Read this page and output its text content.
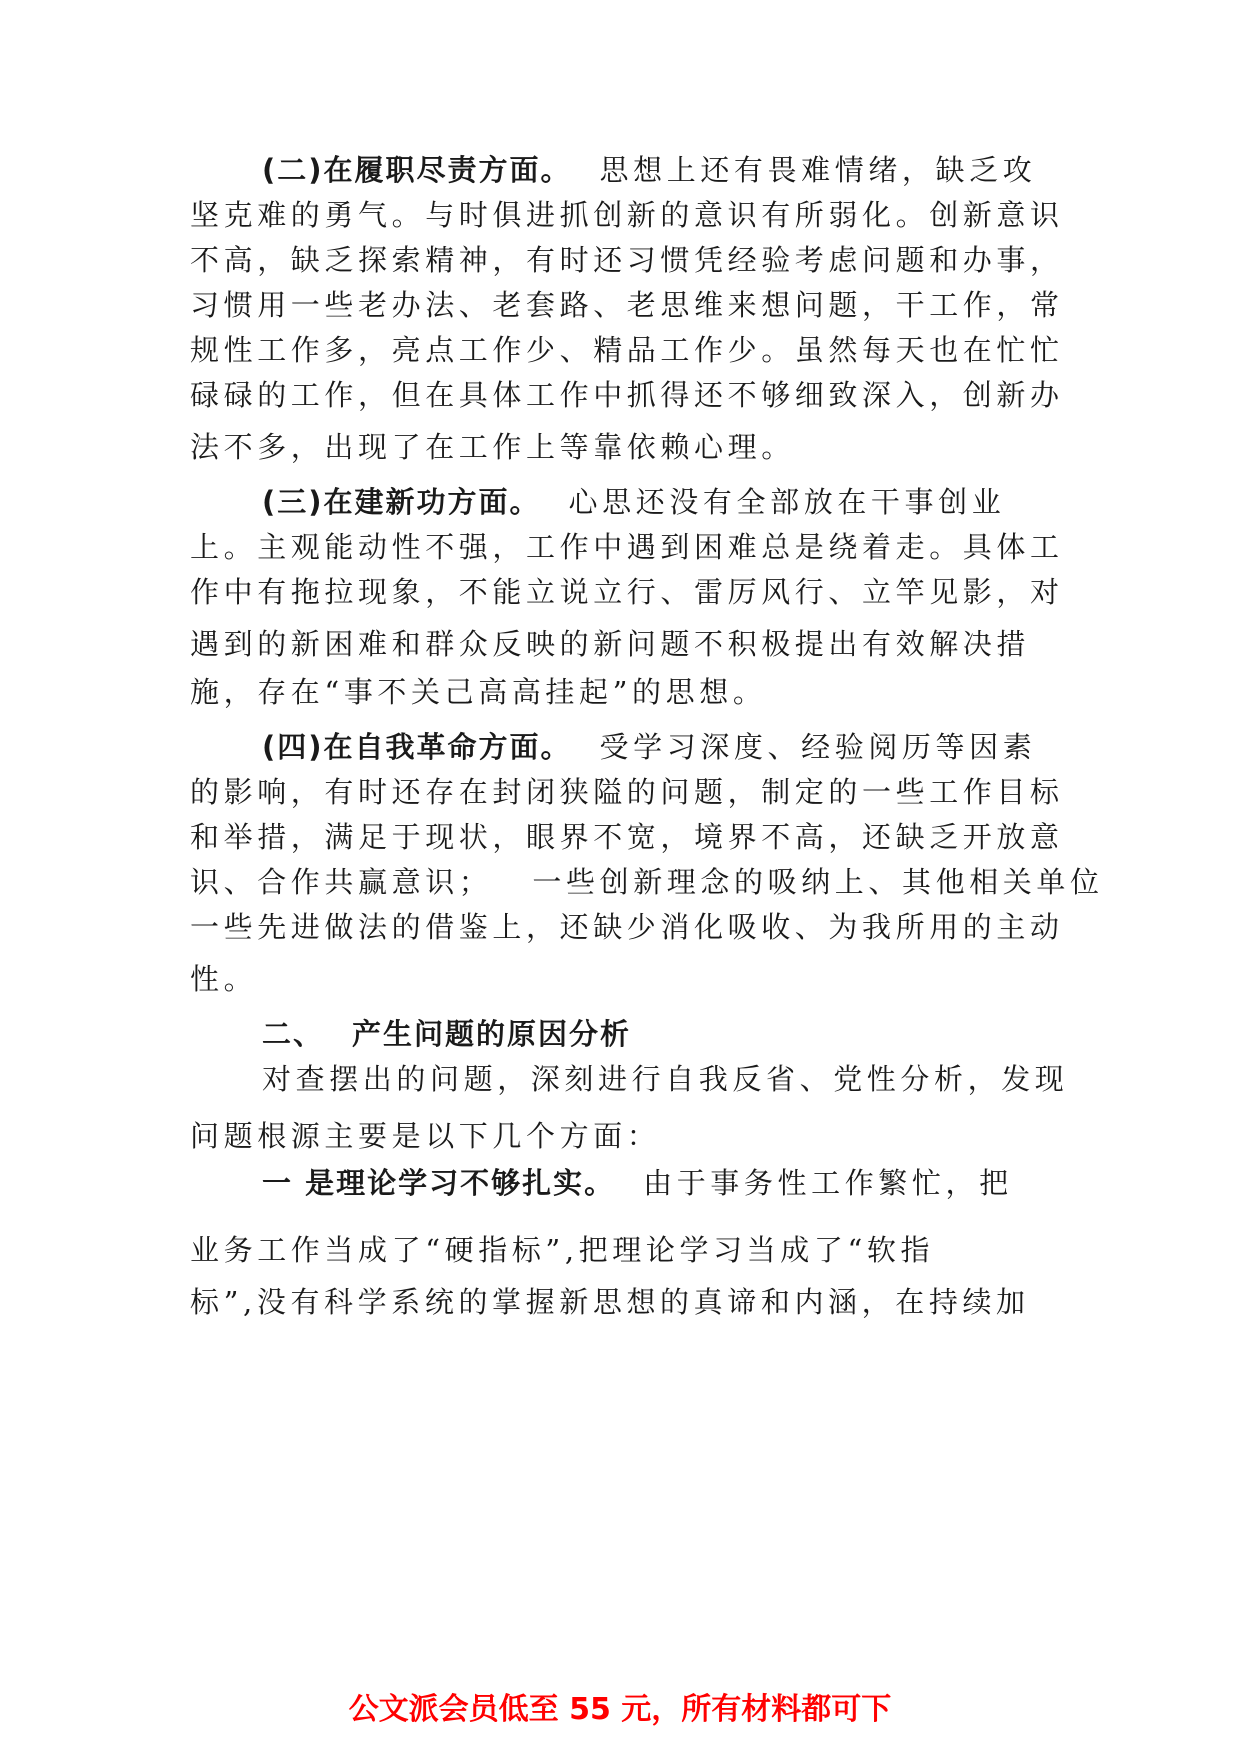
(二)在履职尽责方面。 思想上还有畏难情绪，缺乏攻
坚克难的勇气。与时俱进抓创新的意识有所弱化。创新意识
不高，缺乏探索精神，有时还习惯凭经验考虑问题和办事，
习惯用一些老办法、老套路、老思维来想问题，干工作，常
规性工作多，亮点工作少、精品工作少。虽然每天也在忙忙
碌碌的工作，但在具体工作中抓得还不够细致深入，创新办
法不多，出现了在工作上等靠依赖心理。
(三)在建新功方面。 心思还没有全部放在干事创业
上。主观能动性不强，工作中遇到困难总是绕着走。具体工
作中有拖拉现象，不能立说立行、雷厉风行、立竿见影，对
遇到的新困难和群众反映的新问题不积极提出有效解决措
施，存在“事不关己高高挂起”的思想。
(四)在自我革命方面。 受学习深度、经验阅历等因素
的影响，有时还存在封闭狭隘的问题，制定的一些工作目标
和举措，满足于现状，眼界不宽，境界不高，还缺乏开放意
识、合作共赢意识； 一些创新理念的吸纳上、其他相关单位
一些先进做法的借鉴上，还缺少消化吸收、为我所用的主动
性。
二、 产生问题的原因分析
对查摆出的问题，深刻进行自我反省、党性分析，发现
问题根源主要是以下几个方面：
一 是理论学习不够扎实。 由于事务性工作繁忙，把
业务工作当成了“硬指标”,把理论学习当成了“软指
标”,没有科学系统的掌握新思想的真谛和内涵，在持续加
公文派会员低至 55 元，所有材料都可下
